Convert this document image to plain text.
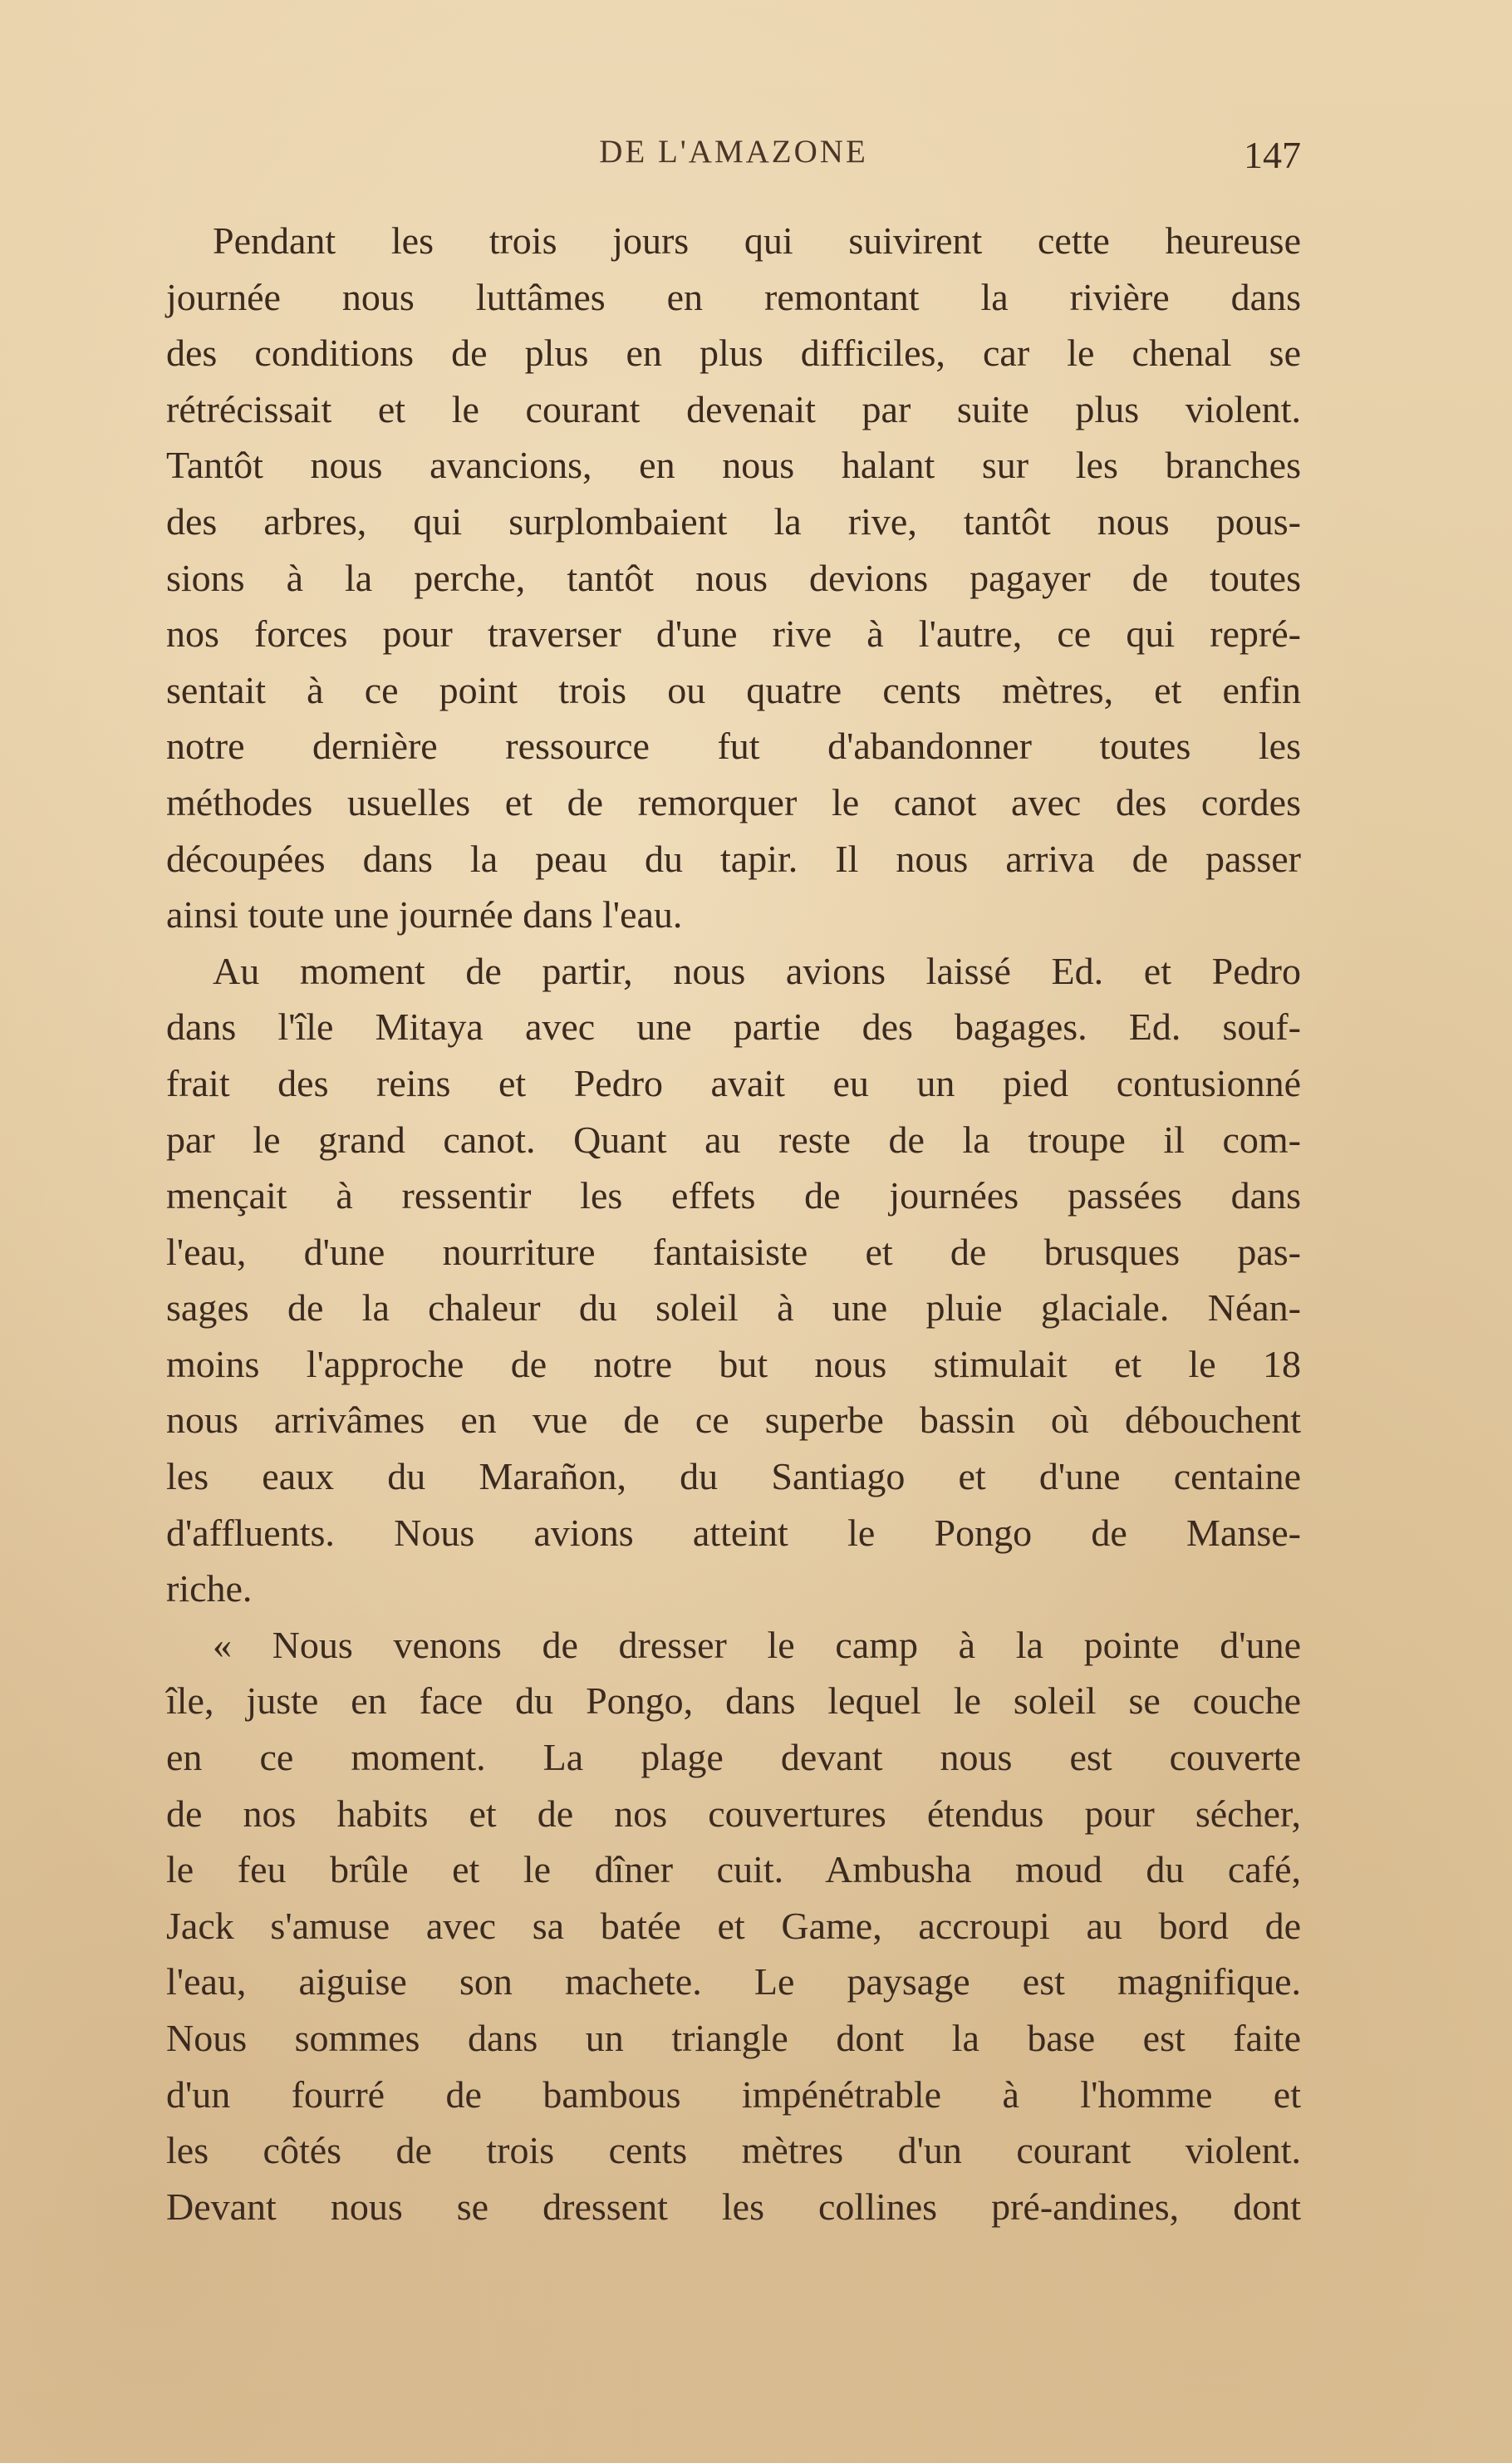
DE L'AMAZONE	147
Pendant les trois jours qui suivirent cette heureuse
journée nous luttâmes en remontant la rivière dans
des conditions de plus en plus difficiles, car le chenal se
rétrécissait et le courant devenait par suite plus violent.
Tantôt nous avancions, en nous halant sur les branches
des arbres, qui surplombaient la rive, tantôt nous pous-
sions à la perche, tantôt nous devions pagayer de toutes
nos forces pour traverser d'une rive à l'autre, ce qui repré-
sentait à ce point trois ou quatre cents mètres, et enfin
notre dernière ressource fut d'abandonner toutes les
méthodes usuelles et de remorquer le canot avec des cordes
découpées dans la peau du tapir. Il nous arriva de passer
ainsi toute une journée dans l'eau.
Au moment de partir, nous avions laissé Ed. et Pedro
dans l'île Mitaya avec une partie des bagages. Ed. souf-
frait des reins et Pedro avait eu un pied contusionné
par le grand canot. Quant au reste de la troupe il com-
mençait à ressentir les effets de journées passées dans
l'eau, d'une nourriture fantaisiste et de brusques pas-
sages de la chaleur du soleil à une pluie glaciale. Néan-
moins l'approche de notre but nous stimulait et le 18
nous arrivâmes en vue de ce superbe bassin où débouchent
les eaux du Marañon, du Santiago et d'une centaine
d'affluents. Nous avions atteint le Pongo de Manse-
riche.
« Nous venons de dresser le camp à la pointe d'une
île, juste en face du Pongo, dans lequel le soleil se couche
en ce moment. La plage devant nous est couverte
de nos habits et de nos couvertures étendus pour sécher,
le feu brûle et le dîner cuit. Ambusha moud du café,
Jack s'amuse avec sa batée et Game, accroupi au bord de
l'eau, aiguise son machete. Le paysage est magnifique.
Nous sommes dans un triangle dont la base est faite
d'un fourré de bambous impénétrable à l'homme et
les côtés de trois cents mètres d'un courant violent.
Devant nous se dressent les collines pré-andines, dont
